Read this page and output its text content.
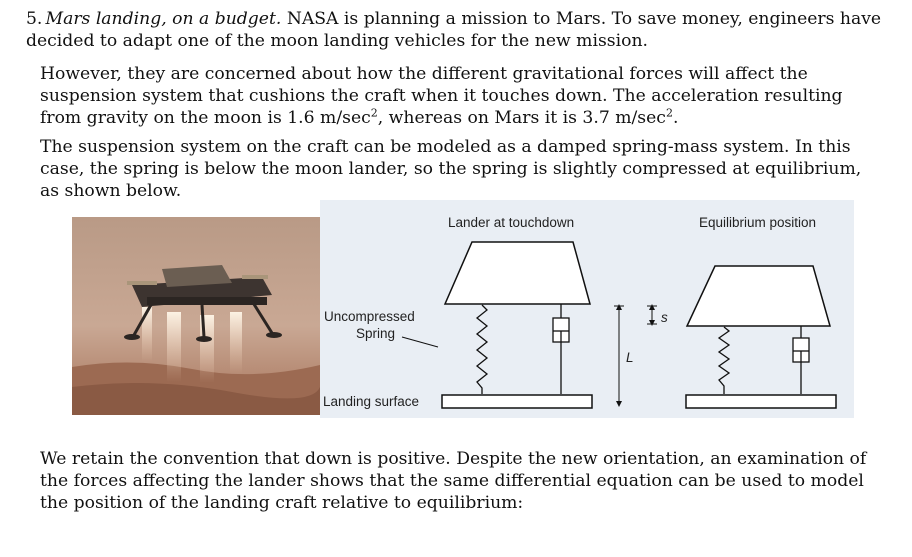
5. Mars landing, on a budget. NASA is planning a mission to Mars. To save money, engineers have decided to adapt one of the moon landing vehicles for the new mission.
However, they are concerned about how the different gravitational forces will affect the suspension system that cushions the craft when it touches down. The acceleration resulting from gravity on the moon is 1.6 $m/\sec^2$, whereas on Mars it is 3.7 $m/\sec^2$.
The suspension system on the craft can be modeled as a damped spring-mass system. In this case, the spring is below the moon lander, so the spring is slightly compressed at equilibrium, as shown below.
Lander at touchdown	Equilibrium position
Uncompressed
Spring
Landing surface
L
s
We retain the convention that down is positive. Despite the new orientation, an examination of the forces affecting the lander shows that the same differential equation can be used to model the position of the landing craft relative to equilibrium:
